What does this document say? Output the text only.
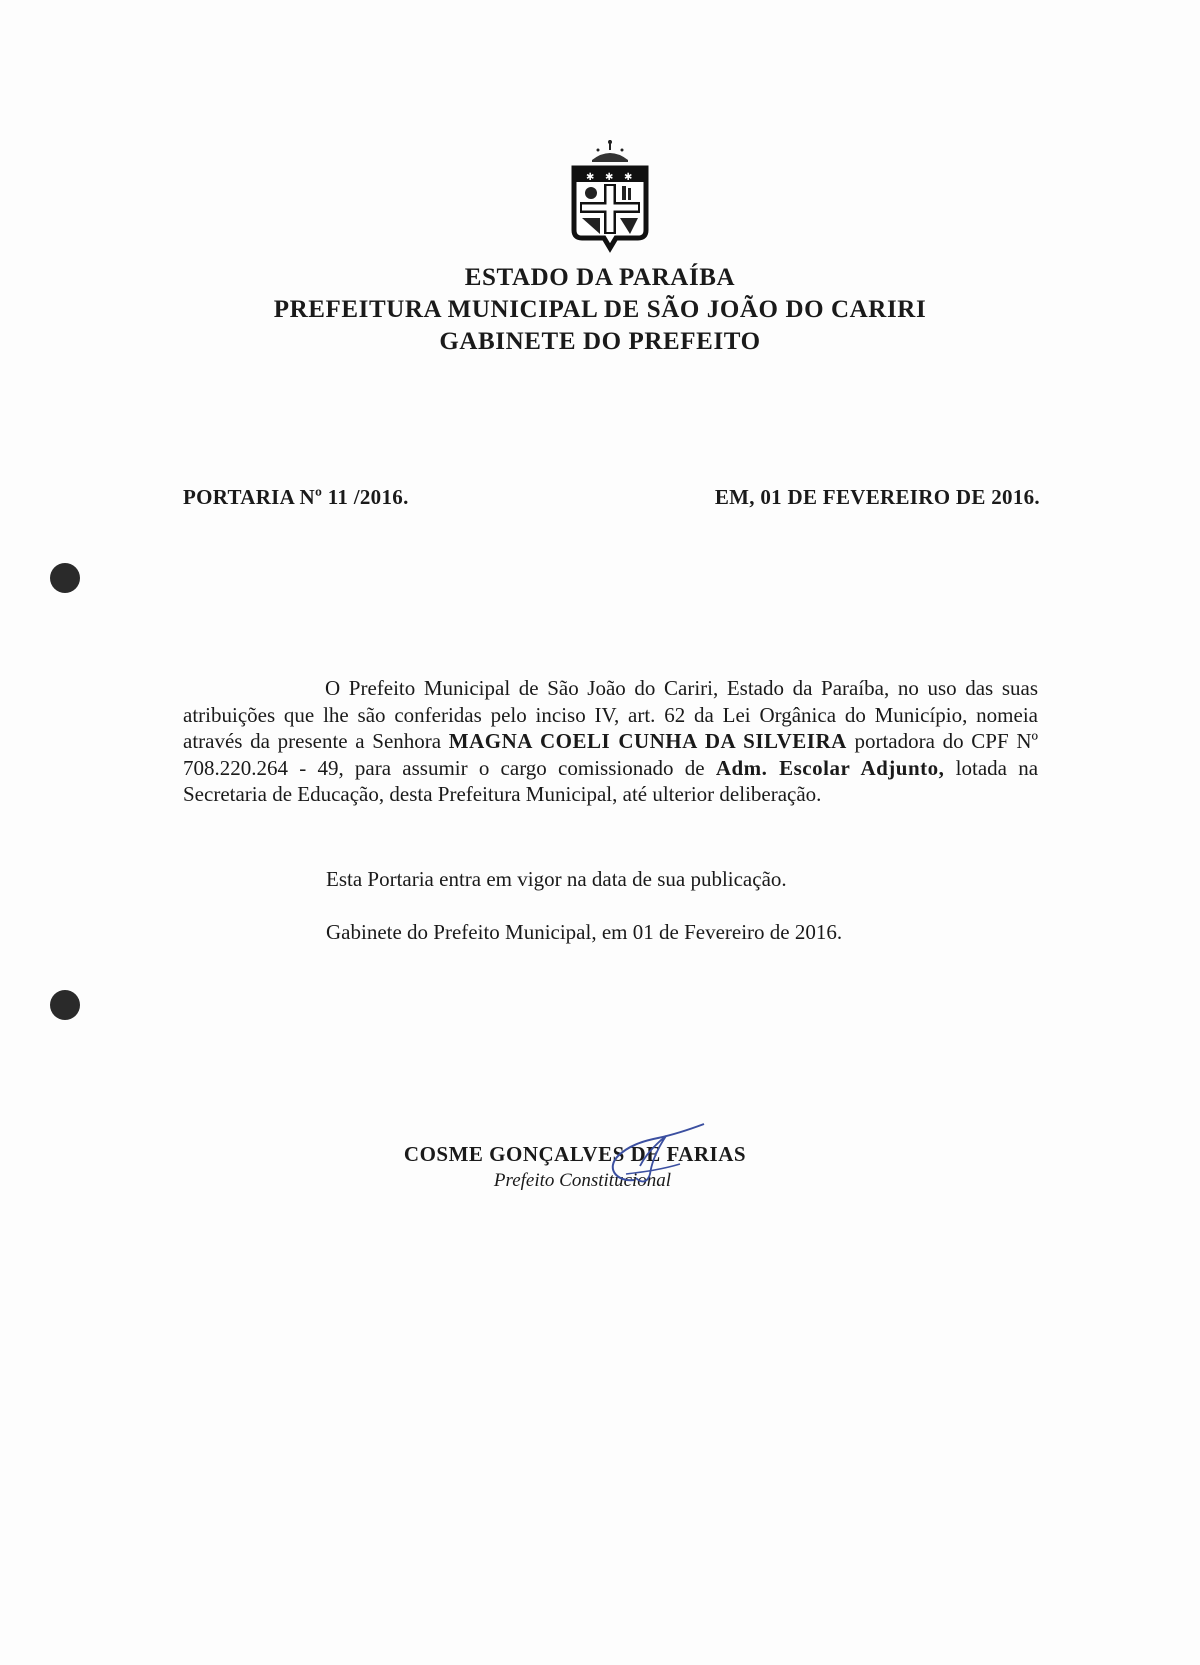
✱ ✱ ✱
ESTADO DA PARAÍBA
PREFEITURA MUNICIPAL DE SÃO JOÃO DO CARIRI
GABINETE DO PREFEITO
PORTARIA Nº 11 /2016.	EM, 01 DE FEVEREIRO DE 2016.
O Prefeito Municipal de São João do Cariri, Estado da Paraíba, no uso das suas atribuições que lhe são conferidas pelo inciso IV, art. 62 da Lei Orgânica do Município, nomeia através da presente a Senhora MAGNA COELI CUNHA DA SILVEIRA portadora do CPF Nº 708.220.264 - 49, para assumir o cargo comissionado de Adm. Escolar Adjunto, lotada na Secretaria de Educação, desta Prefeitura Municipal, até ulterior deliberação.
Esta Portaria entra em vigor na data de sua publicação.
Gabinete do Prefeito Municipal, em 01 de Fevereiro de 2016.
COSME GONÇALVES DE FARIAS
Prefeito Constitucional
